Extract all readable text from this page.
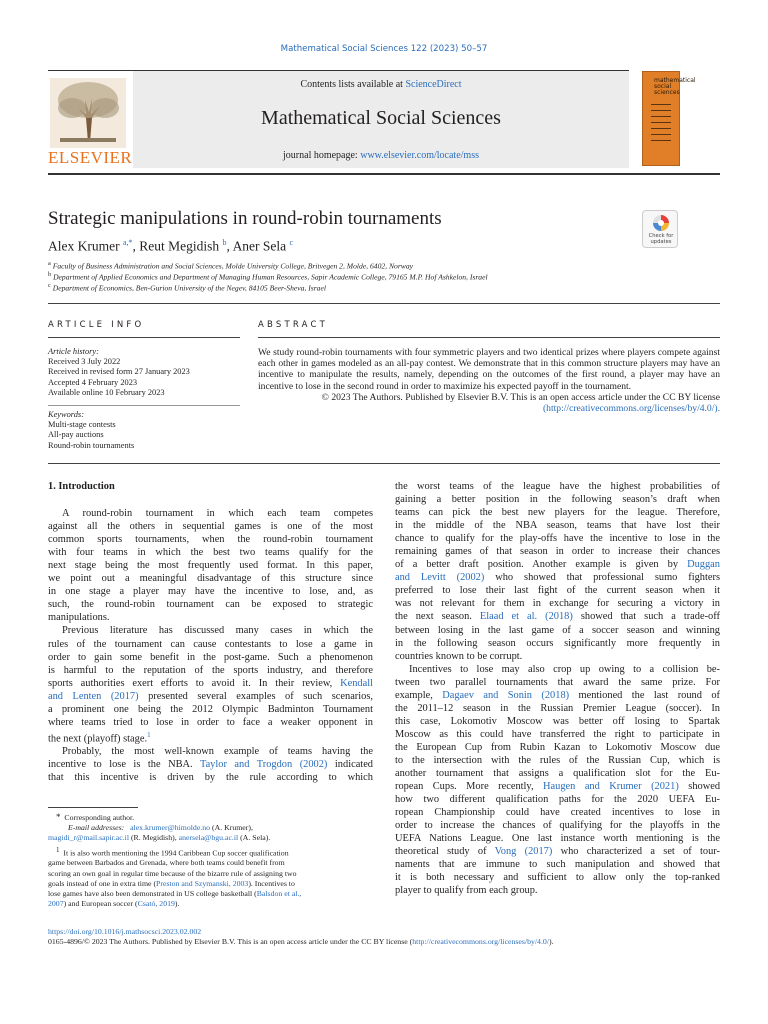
Mathematical Social Sciences 122 (2023) 50–57
ELSEVIER
Contents lists available at ScienceDirect
Mathematical Social Sciences
journal homepage: www.elsevier.com/locate/mss
mathematical social sciences
Strategic manipulations in round-robin tournaments
Check for updates
Alex Krumer $^{a,*}$, Reut Megidish $^b$, Aner Sela $^c$
$^a$ Faculty of Business Administration and Social Sciences, Molde University College, Britvegen 2, Molde, 6402, Norway
$^b$ Department of Applied Economics and Department of Managing Human Resources, Sapir Academic College, 79165 M.P. Hof Ashkelon, Israel
$^c$ Department of Economics, Ben-Gurion University of the Negev, 84105 Beer-Sheva, Israel
ARTICLE INFO
Article history:
Received 3 July 2022
Received in revised form 27 January 2023
Accepted 4 February 2023
Available online 10 February 2023
Keywords:
Multi-stage contests
All-pay auctions
Round-robin tournaments
ABSTRACT
We study round-robin tournaments with four symmetric players and two identical prizes where players compete against each other in games modeled as an all-pay contest. We demonstrate that in this common structure players may have an incentive to manipulate the results, namely, depending on the outcomes of the first round, a player may have an incentive to lose in the second round in order to maximize his expected payoff in the tournament.
© 2023 The Authors. Published by Elsevier B.V. This is an open access article under the CC BY license
(http://creativecommons.org/licenses/by/4.0/).
1. Introduction
A round-robin tournament in which each team competes
against all the others in sequential games is one of the most
common sports tournaments, when the round-robin tournament
with four teams in which the best two teams qualify for the
next stage being the most frequently used format. In this paper,
we point out a meaningful disadvantage of this structure since
in one stage a player may have the incentive to lose, and, as
such, the round-robin tournament can be exposed to strategic
manipulations.
Previous literature has discussed many cases in which the
rules of the tournament can cause contestants to lose a game in
order to gain some benefit in the post-game. Such a phenomenon
is harmful to the reputation of the sports industry, and therefore
sports authorities exert efforts to avoid it. In their review, Kendall
and Lenten (2017) presented several examples of such scenarios,
a prominent one being the 2012 Olympic Badminton Tournament
where teams tried to lose in order to face a weaker opponent in
the next (playoff) stage.$^1$
Probably, the most well-known example of teams having the
incentive to lose is the NBA. Taylor and Trogdon (2002) indicated
that this incentive is driven by the rule according to which
* Corresponding author.
E-mail addresses: alex.krumer@himolde.no (A. Krumer),
magidi_r@mail.sapir.ac.il (R. Megidish), anersela@bgu.ac.il (A. Sela).
$^1$ It is also worth mentioning the 1994 Caribbean Cup soccer qualification
game between Barbados and Grenada, where both teams could benefit from
scoring an own goal in regular time because of the bizarre rule of assigning two
goals instead of one in extra time (Preston and Szymanski, 2003). Incentives to
lose games have also been demonstrated in US college basketball (Balsdon et al.,
2007) and European soccer (Csató, 2019).
the worst teams of the league have the highest probabilities of
gaining a better position in the following season’s draft when
teams can pick the best new players for the league. Therefore,
in the middle of the NBA season, teams that have lost their
chance to qualify for the play-offs have the incentive to lose in the
remaining games of that season in order to increase their chances
of a better draft position. Another example is given by Duggan
and Levitt (2002) who showed that professional sumo fighters
preferred to lose their last fight of the current season when it
was not relevant for them in exchange for securing a victory in
the next season. Elaad et al. (2018) showed that such a trade-off
between losing in the last game of a soccer season and winning
in the following season occurs significantly more frequently in
countries known to be corrupt.
Incentives to lose may also crop up owing to a collision be-
tween two parallel tournaments that award the same prize. For
example, Dagaev and Sonin (2018) mentioned the last round of
the 2011–12 season in the Russian Premier League (soccer). In
this case, Lokomotiv Moscow was better off losing to Spartak
Moscow as this could have transferred the right to participate in
the European Cup from Rubin Kazan to Lokomotiv Moscow due
to the intersection with the rules of the Russian Cup, which is
another tournament that assigns a qualification slot for the Eu-
ropean Cups. More recently, Haugen and Krumer (2021) showed
how two different qualification paths for the 2020 UEFA Eu-
ropean Championship could have created incentives to lose in
order to increase the chances of qualifying for the playoffs in the
UEFA Nations League. One last instance worth mentioning is the
theoretical study of Vong (2017) who characterized a set of tour-
naments that are immune to such manipulation and showed that
it is both necessary and sufficient to allow only the top-ranked
player to qualify from each group.
https://doi.org/10.1016/j.mathsocsci.2023.02.002
0165-4896/© 2023 The Authors. Published by Elsevier B.V. This is an open access article under the CC BY license (http://creativecommons.org/licenses/by/4.0/).
